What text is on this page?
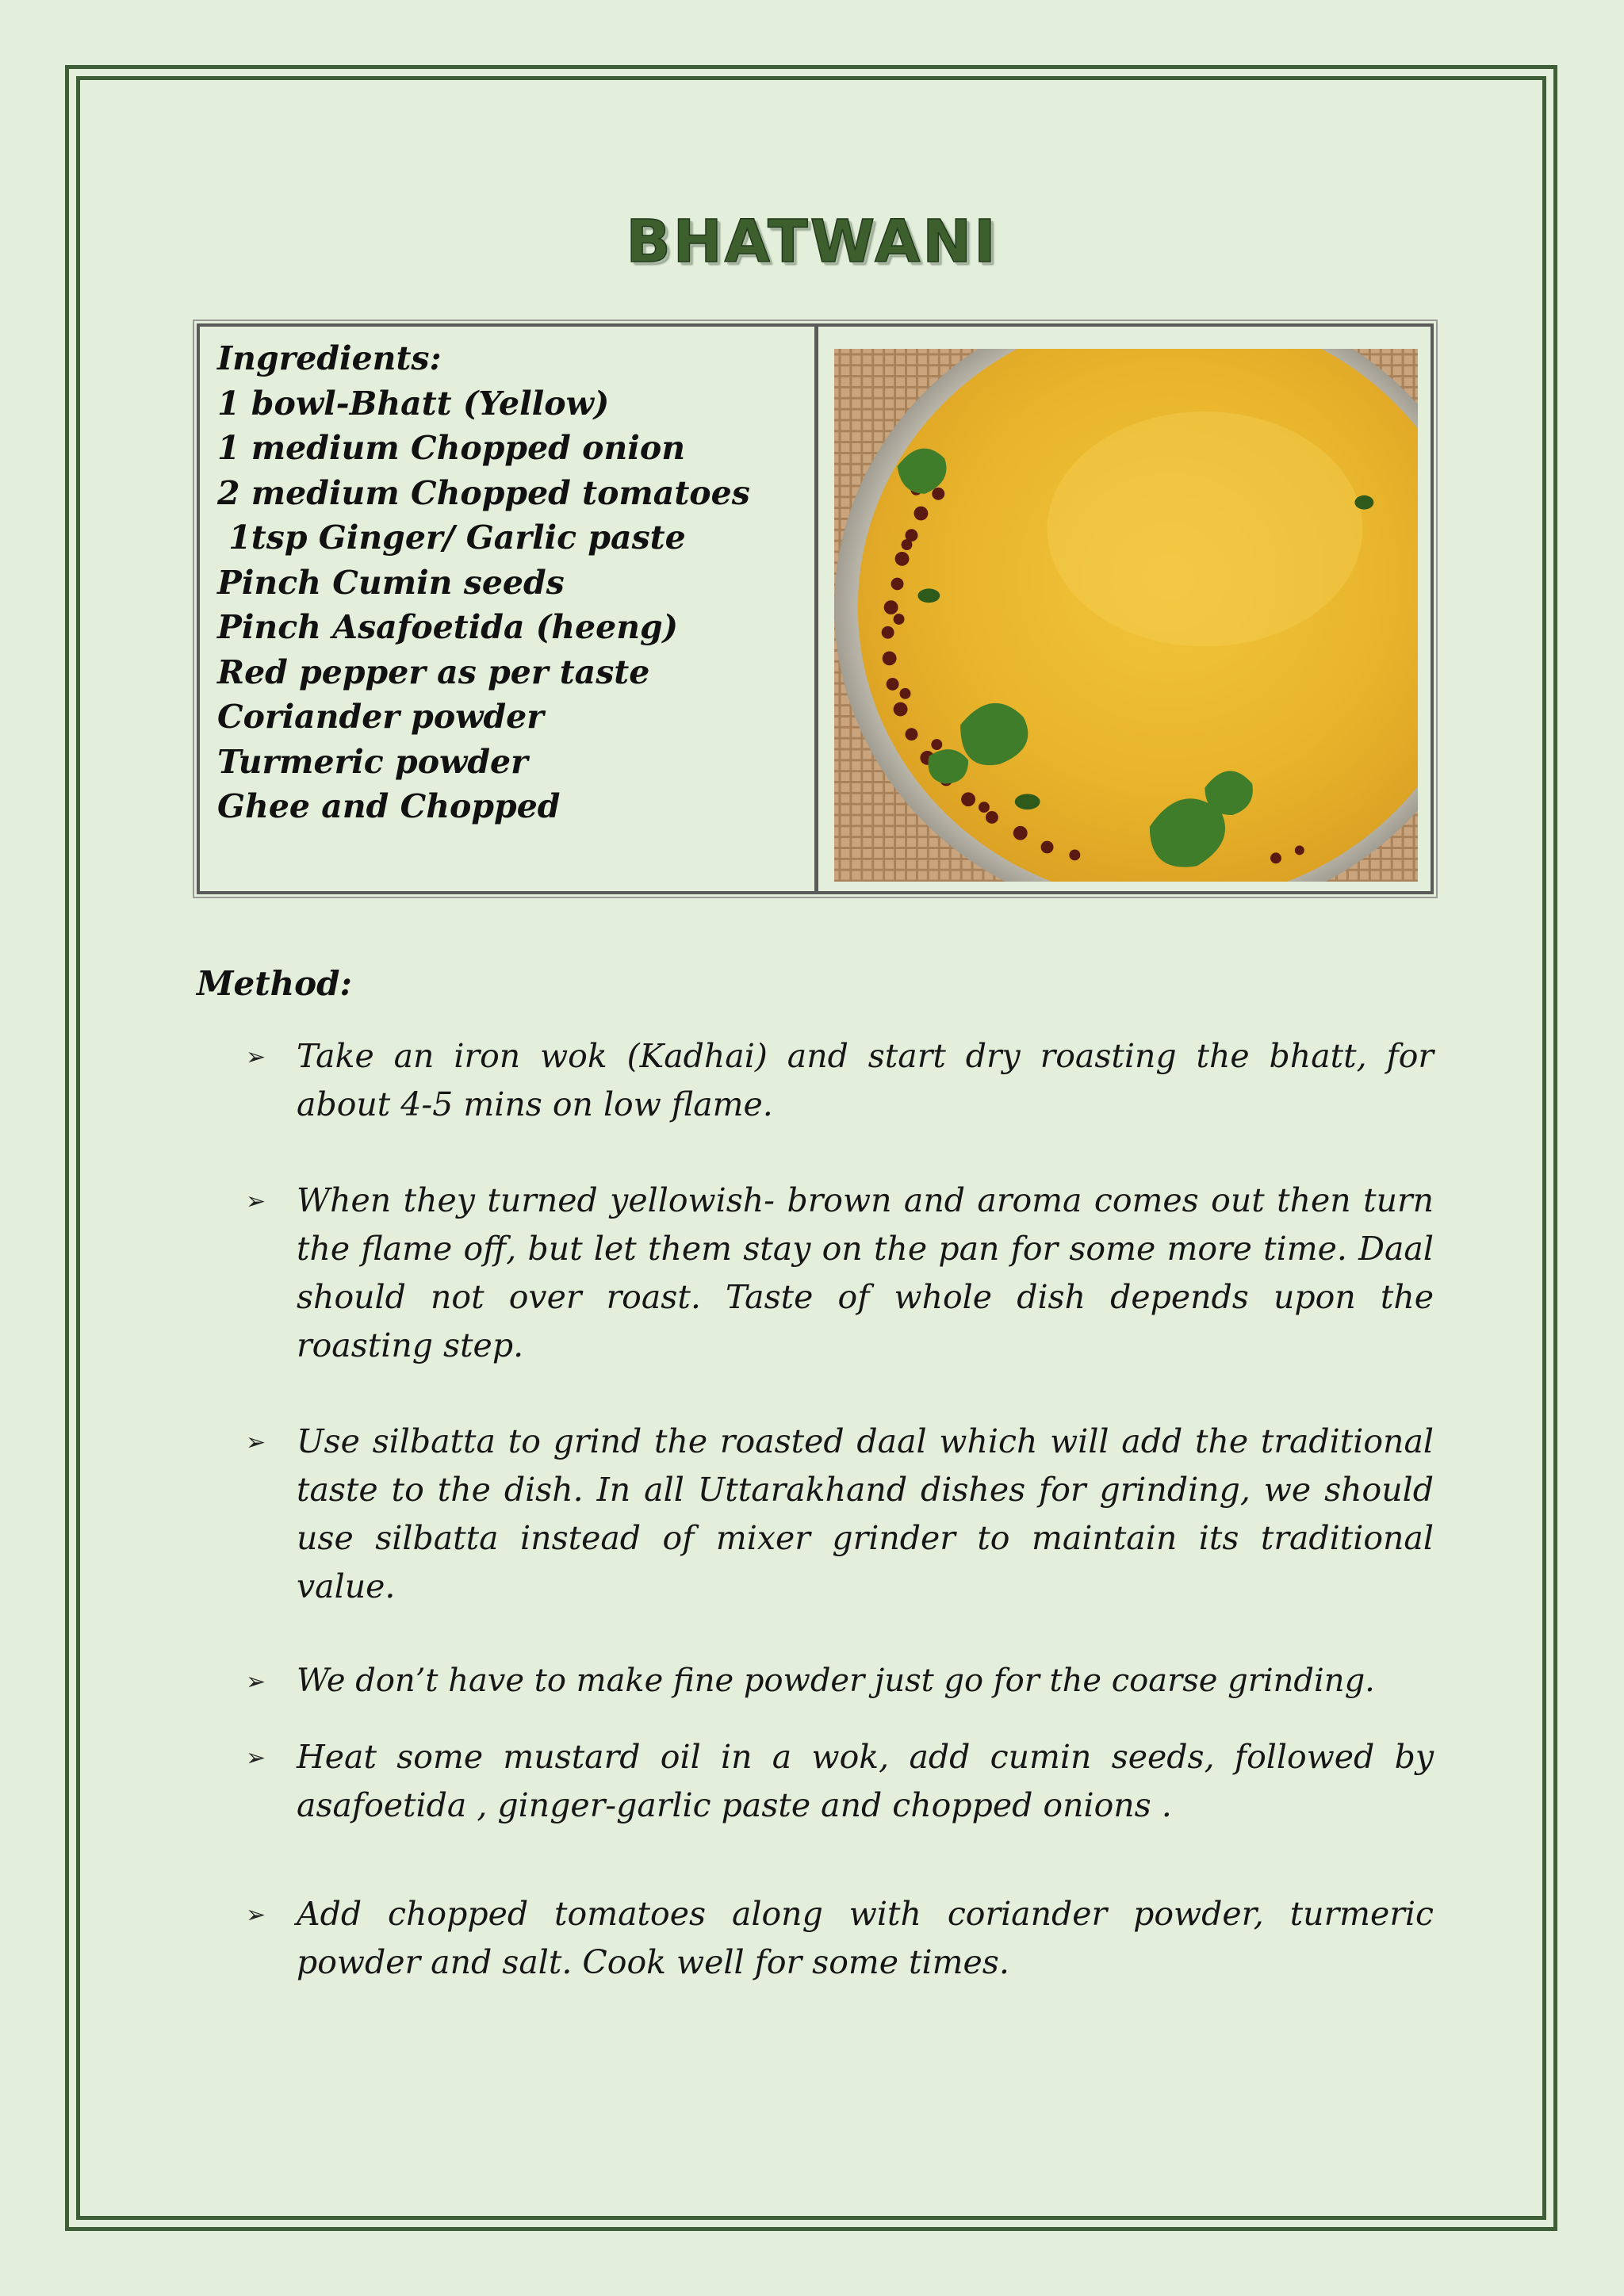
BHATWANI
Ingredients:
1 bowl-Bhatt (Yellow)
1 medium Chopped onion
2 medium Chopped tomatoes
1tsp Ginger/ Garlic paste
Pinch Cumin seeds
Pinch Asafoetida (heeng)
Red pepper as per taste
Coriander powder
Turmeric powder
Ghee and Chopped
Method:
➢ Take an iron wok (Kadhai) and start dry roasting the bhatt, for about 4-5 mins on low flame.
➢ When they turned yellowish- brown and aroma comes out then turn the flame off, but let them stay on the pan for some more time. Daal should not over roast. Taste of whole dish depends upon the roasting step.
➢ Use silbatta to grind the roasted daal which will add the traditional taste to the dish. In all Uttarakhand dishes for grinding, we should use silbatta instead of mixer grinder to maintain its traditional value.
➢ We don’t have to make fine powder just go for the coarse grinding.
➢ Heat some mustard oil in a wok, add cumin seeds, followed by asafoetida , ginger-garlic paste and chopped onions .
➢ Add chopped tomatoes along with coriander powder, turmeric powder and salt. Cook well for some times.
